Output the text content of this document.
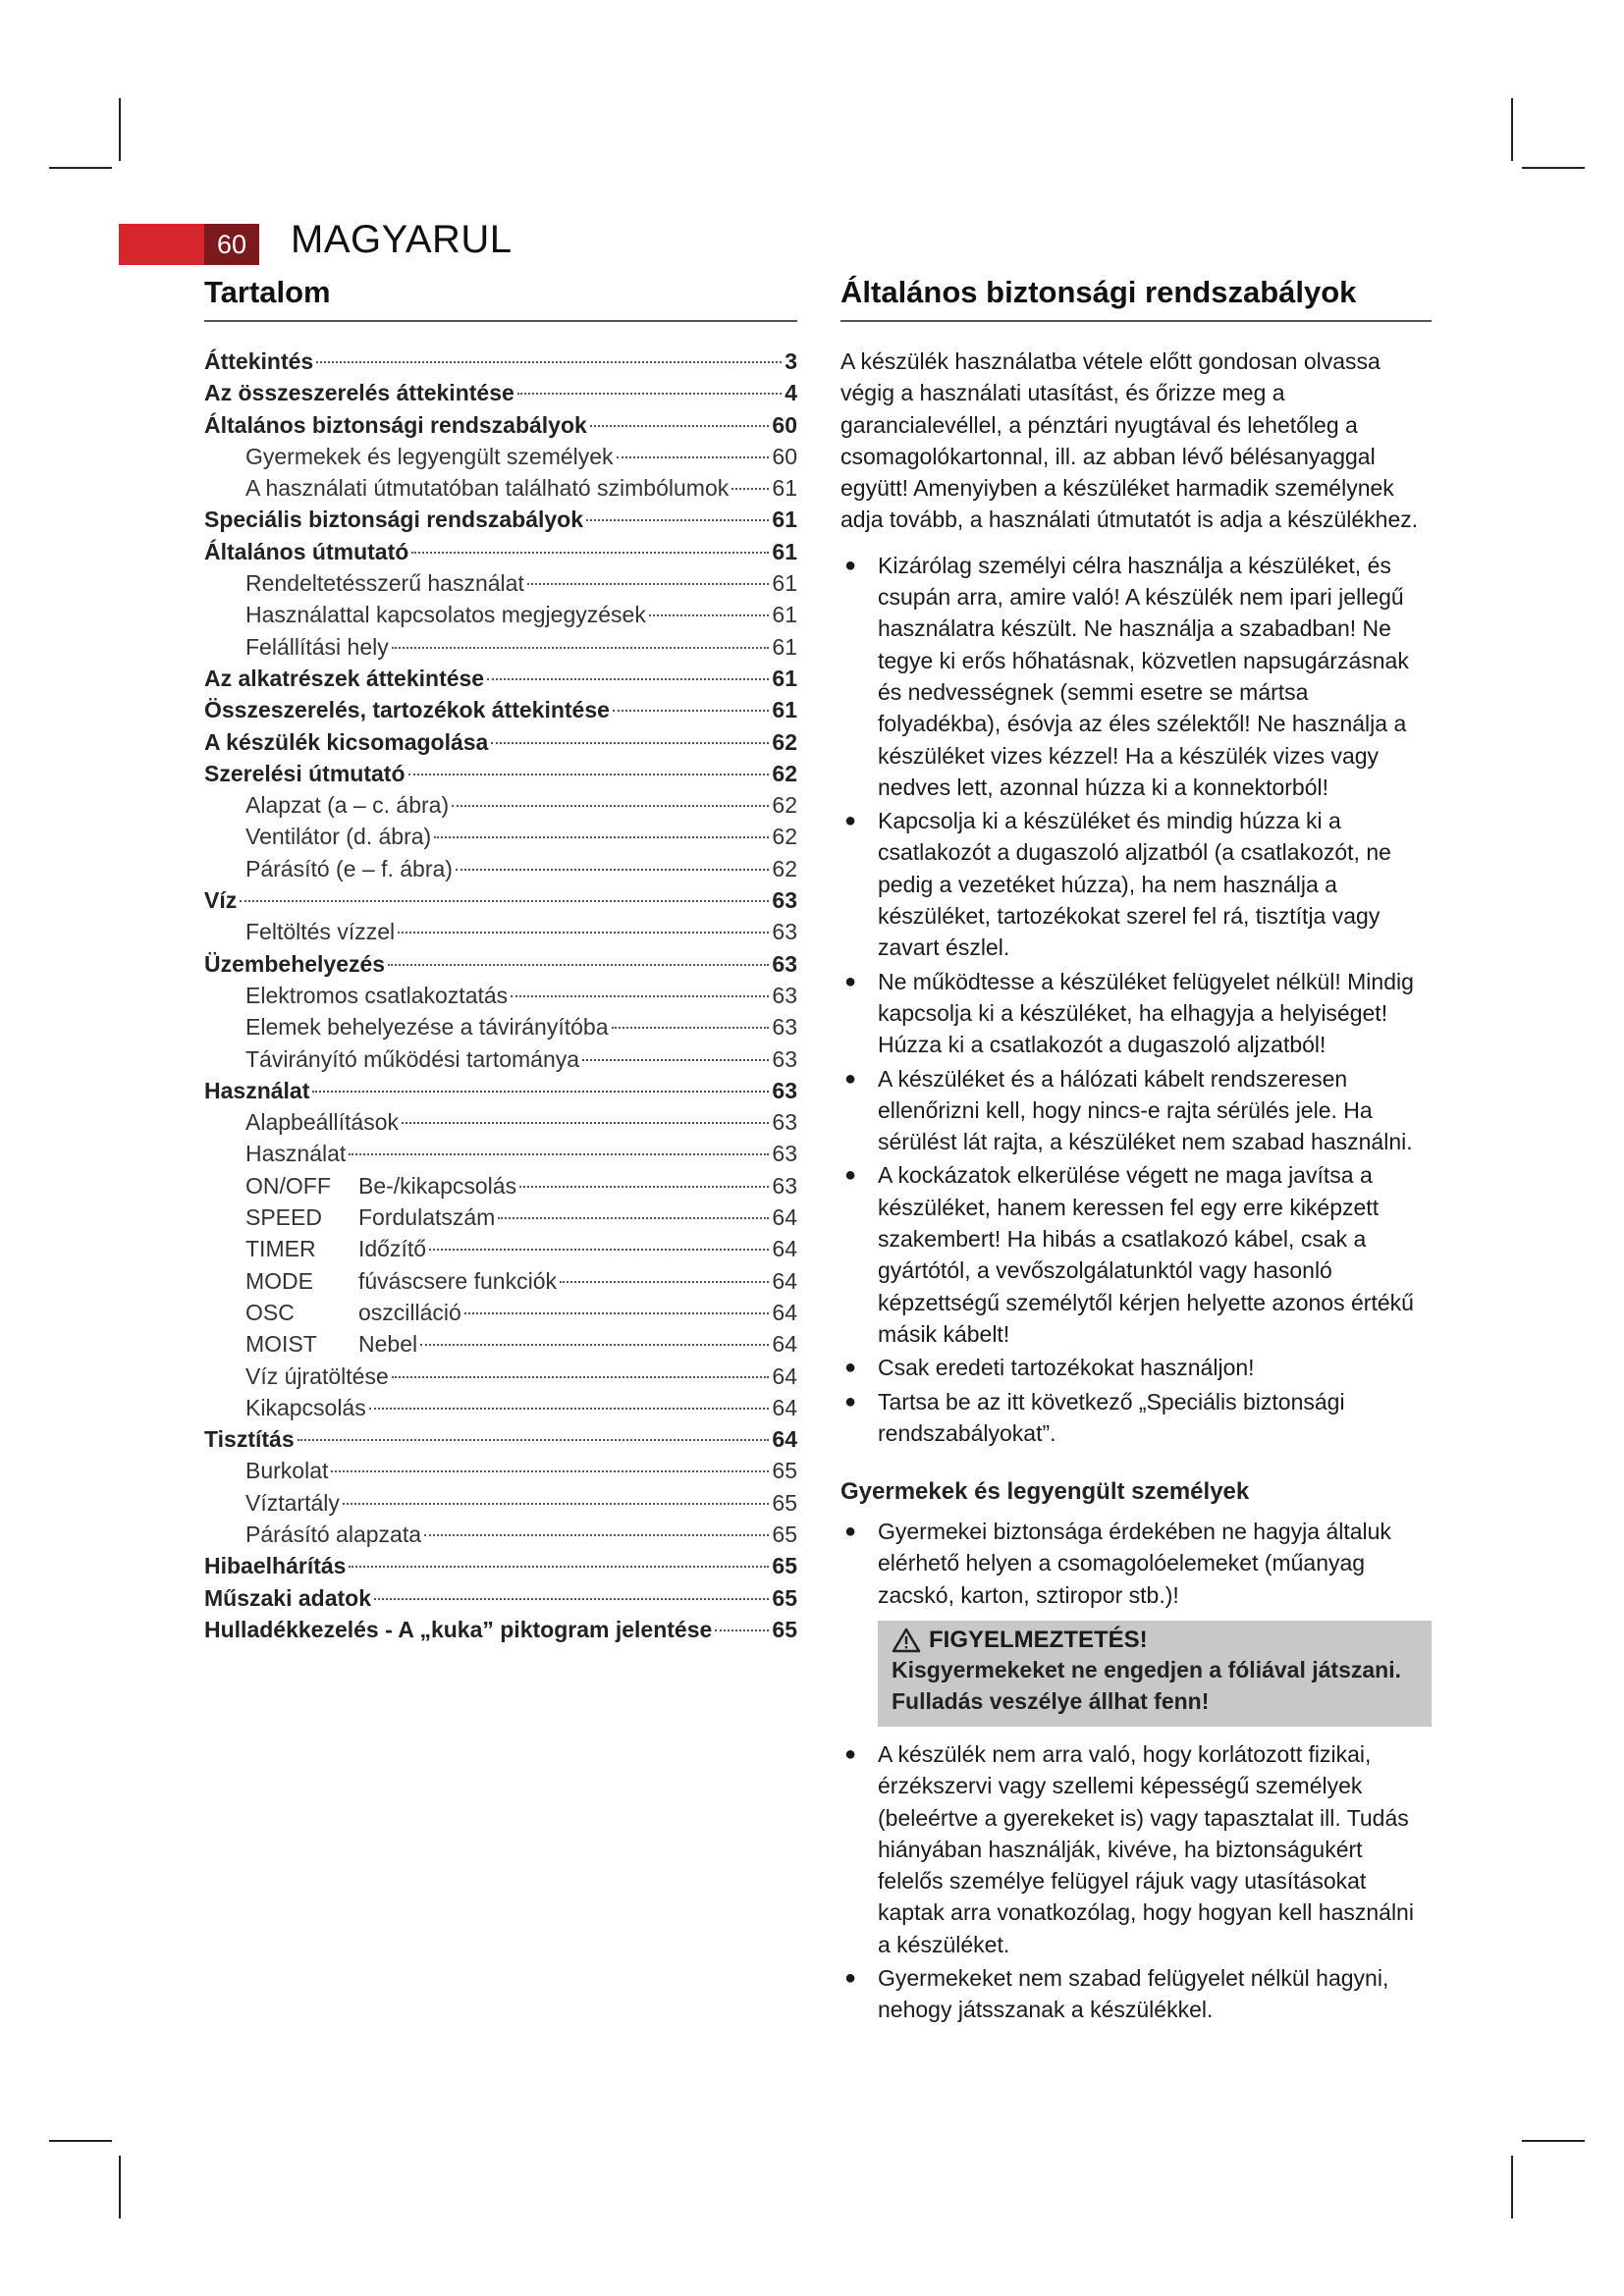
60	MAGYARUL
Tartalom
Áttekintés	3
Az összeszerelés áttekintése	4
Általános biztonsági rendszabályok	60
Gyermekek és legyengült személyek	60
A használati útmutatóban található szimbólumok 61
Speciális biztonsági rendszabályok	61
Általános útmutató	61
Rendeltetésszerű használat	61
Használattal kapcsolatos megjegyzések	61
Felállítási hely	61
Az alkatrészek áttekintése	61
Összeszerelés, tartozékok áttekintése	61
A készülék kicsomagolása	62
Szerelési útmutató	62
Alapzat (a – c. ábra)	62
Ventilátor (d. ábra)	62
Párásító (e – f. ábra)	62
Víz	63
Feltöltés vízzel	63
Üzembehelyezés	63
Elektromos csatlakoztatás	63
Elemek behelyezése a távirányítóba	63
Távirányító működési tartománya	63
Használat	63
Alapbeállítások	63
Használat	63
ON/OFF	Be-/kikapcsolás	63
SPEED	Fordulatszám	64
TIMER	Időzítő	64
MODE	fúváscsere funkciók	64
OSC	oszcilláció	64
MOIST	Nebel	64
Víz újratöltése	64
Kikapcsolás	64
Tisztítás	64
Burkolat	65
Víztartály	65
Párásító alapzata	65
Hibaelhárítás	65
Műszaki adatok	65
Hulladékkezelés - A „kuka” piktogram jelentése	65
Általános biztonsági rendszabályok

A készülék használatba vétele előtt gondosan olvassa végig a használati utasítást, és őrizze meg a garancialevéllel, a pénztári nyugtával és lehetőleg a csomagolókartonnal, ill. az abban lévő bélésanyaggal együtt! Amenyiyben a készüléket harmadik személynek adja tovább, a használati útmutatót is adja a készülékhez.

● Kizárólag személyi célra használja a készüléket, és csupán arra, amire való! A készülék nem ipari jellegű használatra készült. Ne használja a szabadban! Ne tegye ki erős hőhatásnak, közvetlen napsugárzásnak és nedvességnek (semmi esetre se mártsa folyadékba), ésóvja az éles szélektől! Ne használja a készüléket vizes kézzel! Ha a készülék vizes vagy nedves lett, azonnal húzza ki a konnektorból!
● Kapcsolja ki a készüléket és mindig húzza ki a csatlakozót a dugaszoló aljzatból (a csatlakozót, ne pedig a vezetéket húzza), ha nem használja a készüléket, tartozékokat szerel fel rá, tisztítja vagy zavart észlel.
● Ne működtesse a készüléket felügyelet nélkül! Mindig kapcsolja ki a készüléket, ha elhagyja a helyiséget! Húzza ki a csatlakozót a dugaszoló aljzatból!
● A készüléket és a hálózati kábelt rendszeresen ellenőrizni kell, hogy nincs-e rajta sérülés jele. Ha sérülést lát rajta, a készüléket nem szabad használni.
● A kockázatok elkerülése végett ne maga javítsa a készüléket, hanem keressen fel egy erre kiképzett szakembert! Ha hibás a csatlakozó kábel, csak a gyártótól, a vevőszolgálatunktól vagy hasonló képzettségű személytől kérjen helyette azonos értékű másik kábelt!
● Csak eredeti tartozékokat használjon!
● Tartsa be az itt következő „Speciális biztonsági rendszabályokat”.
Gyermekek és legyengült személyek
● Gyermekei biztonsága érdekében ne hagyja általuk elérhető helyen a csomagolóelemeket (műanyag zacskó, karton, sztiropor stb.)!
FIGYELMEZTETÉS!
Kisgyermekeket ne engedjen a fóliával játszani. Fulladás veszélye állhat fenn!
● A készülék nem arra való, hogy korlátozott fizikai, érzékszervi vagy szellemi képességű személyek (beleértve a gyerekeket is) vagy tapasztalat ill. Tudás hiányában használják, kivéve, ha biztonságukért felelős személye felügyel rájuk vagy utasításokat kaptak arra vonatkozólag, hogy hogyan kell használni a készüléket.
● Gyermekeket nem szabad felügyelet nélkül hagyni, nehogy játsszanak a készülékkel.
